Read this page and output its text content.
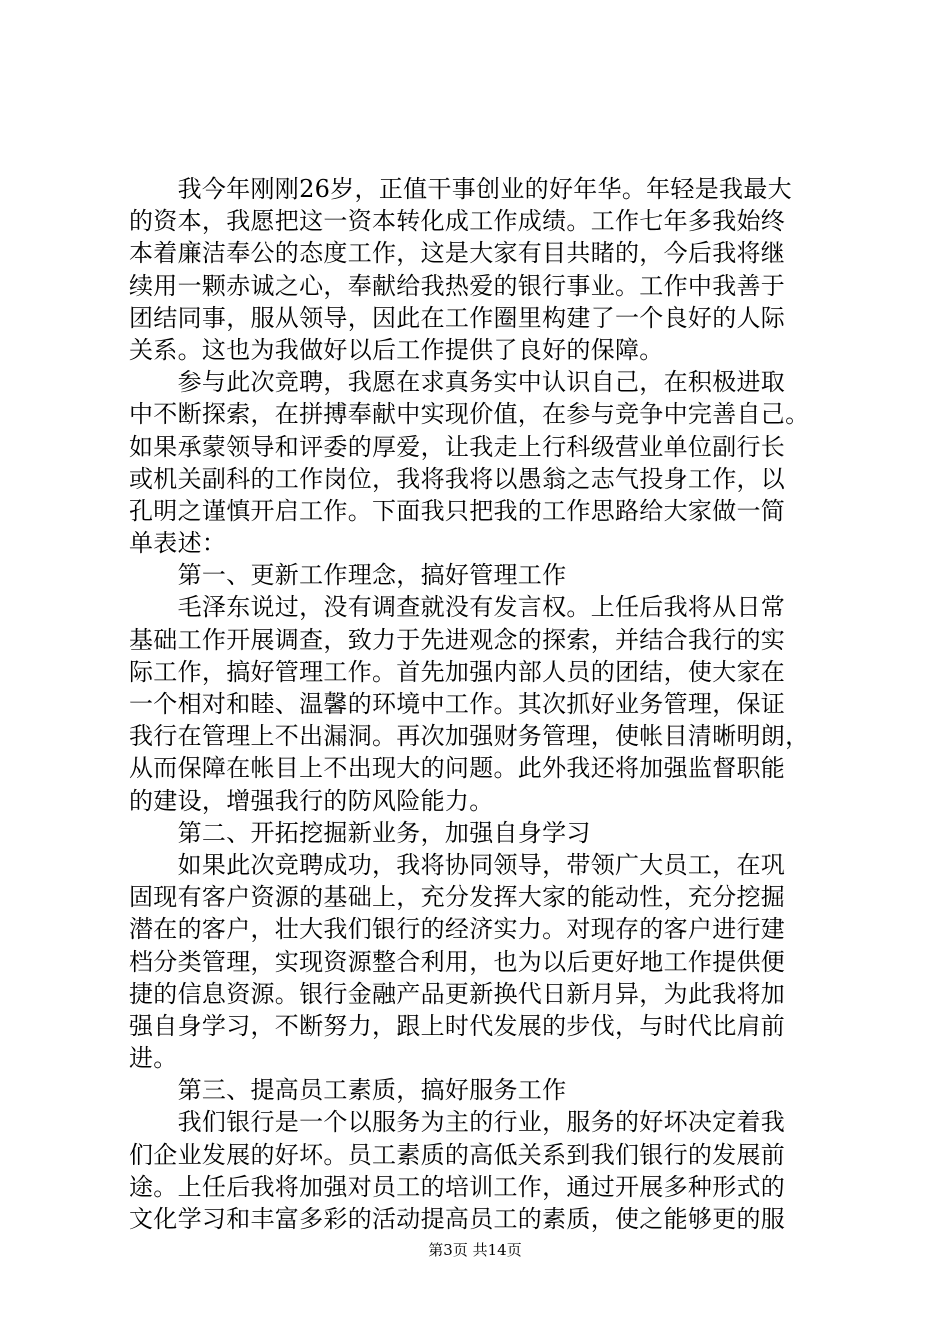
　　我今年刚刚26岁，正值干事创业的好年华。年轻是我最大
的资本，我愿把这一资本转化成工作成绩。工作七年多我始终
本着廉洁奉公的态度工作，这是大家有目共睹的，今后我将继
续用一颗赤诚之心，奉献给我热爱的银行事业。工作中我善于
团结同事，服从领导，因此在工作圈里构建了一个良好的人际
关系。这也为我做好以后工作提供了良好的保障。
　　参与此次竞聘，我愿在求真务实中认识自己，在积极进取
中不断探索，在拼搏奉献中实现价值，在参与竞争中完善自己。
如果承蒙领导和评委的厚爱，让我走上行科级营业单位副行长
或机关副科的工作岗位，我将我将以愚翁之志气投身工作，以
孔明之谨慎开启工作。下面我只把我的工作思路给大家做一简
单表述：
　　第一、更新工作理念，搞好管理工作
　　毛泽东说过，没有调查就没有发言权。上任后我将从日常
基础工作开展调查，致力于先进观念的探索，并结合我行的实
际工作，搞好管理工作。首先加强内部人员的团结，使大家在
一个相对和睦、温馨的环境中工作。其次抓好业务管理，保证
我行在管理上不出漏洞。再次加强财务管理，使帐目清晰明朗，
从而保障在帐目上不出现大的问题。此外我还将加强监督职能
的建设，增强我行的防风险能力。
　　第二、开拓挖掘新业务，加强自身学习
　　如果此次竞聘成功，我将协同领导，带领广大员工，在巩
固现有客户资源的基础上，充分发挥大家的能动性，充分挖掘
潜在的客户，壮大我们银行的经济实力。对现存的客户进行建
档分类管理，实现资源整合利用，也为以后更好地工作提供便
捷的信息资源。银行金融产品更新换代日新月异，为此我将加
强自身学习，不断努力，跟上时代发展的步伐，与时代比肩前
进。
　　第三、提高员工素质，搞好服务工作
　　我们银行是一个以服务为主的行业，服务的好坏决定着我
们企业发展的好坏。员工素质的高低关系到我们银行的发展前
途。上任后我将加强对员工的培训工作，通过开展多种形式的
文化学习和丰富多彩的活动提高员工的素质，使之能够更的服
第3页 共14页
